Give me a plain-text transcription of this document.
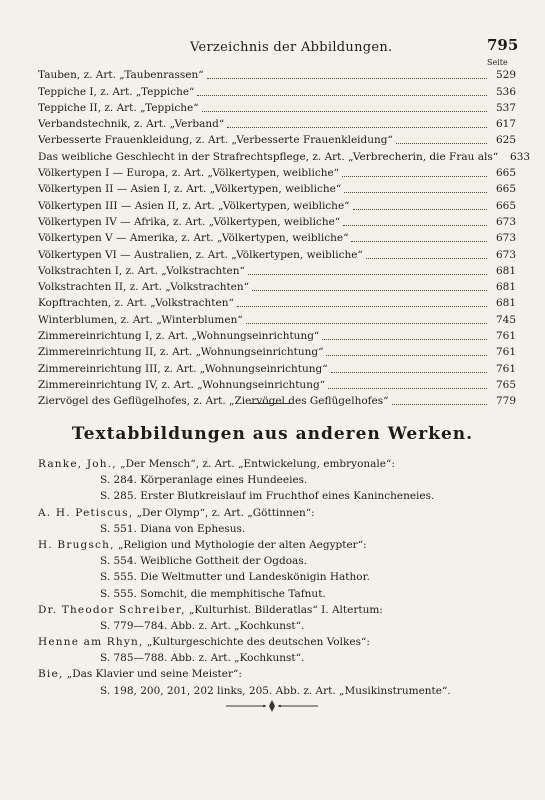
Verzeichnis der Abbildungen.	795
Seite
Tauben, z. Art. „Taubenrassen“	529
Teppiche I, z. Art. „Teppiche“	536
Teppiche II, z. Art. „Teppiche“	537
Verbandstechnik, z. Art. „Verband“	617
Verbesserte Frauenkleidung, z. Art. „Verbesserte Frauenkleidung“	625
Das weibliche Geschlecht in der Strafrechtspflege, z. Art. „Verbrecherin, die Frau als“	633
Völkertypen I — Europa, z. Art. „Völkertypen, weibliche“	665
Völkertypen II — Asien I, z. Art. „Völkertypen, weibliche“	665
Völkertypen III — Asien II, z. Art. „Völkertypen, weibliche“	665
Völkertypen IV — Afrika, z. Art. „Völkertypen, weibliche“	673
Völkertypen V — Amerika, z. Art. „Völkertypen, weibliche“	673
Völkertypen VI — Australien, z. Art. „Völkertypen, weibliche“	673
Volkstrachten I, z. Art. „Volkstrachten“	681
Volkstrachten II, z. Art. „Volkstrachten“	681
Kopftrachten, z. Art. „Volkstrachten“	681
Winterblumen, z. Art. „Winterblumen“	745
Zimmereinrichtung I, z. Art. „Wohnungseinrichtung“	761
Zimmereinrichtung II, z. Art. „Wohnungseinrichtung“	761
Zimmereinrichtung III, z. Art. „Wohnungseinrichtung“	761
Zimmereinrichtung IV, z. Art. „Wohnungseinrichtung“	765
Ziervögel des Geflügelhofes, z. Art. „Ziervögel des Geflügelhofes“	779
Textabbildungen aus anderen Werken.
Ranke, Joh., „Der Mensch“, z. Art. „Entwickelung, embryonale“:
S. 284. Körperanlage eines Hundeeies.
S. 285. Erster Blutkreislauf im Fruchthof eines Kanincheneies.
A. H. Petiscus, „Der Olymp“, z. Art. „Göttinnen“:
S. 551. Diana von Ephesus.
H. Brugsch, „Religion und Mythologie der alten Aegypter“:
S. 554. Weibliche Gottheit der Ogdoas.
S. 555. Die Weltmutter und Landeskönigin Hathor.
S. 555. Somchit, die memphitische Tafnut.
Dr. Theodor Schreiber, „Kulturhist. Bilderatlas“ I. Altertum:
S. 779—784. Abb. z. Art. „Kochkunst“.
Henne am Rhyn, „Kulturgeschichte des deutschen Volkes“:
S. 785—788. Abb. z. Art. „Kochkunst“.
Bie, „Das Klavier und seine Meister“:
S. 198, 200, 201, 202 links, 205. Abb. z. Art. „Musikinstrumente“.
